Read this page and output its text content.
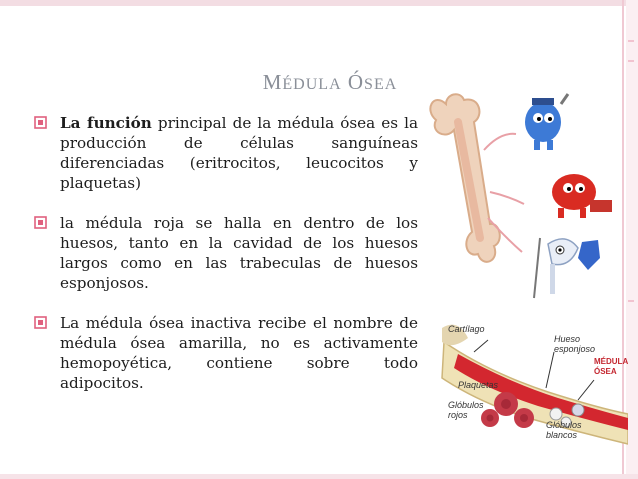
MÉDULA ÓSEA
La función principal de la médula ósea es la producción de células sanguíneas diferenciadas (eritrocitos, leucocitos y plaquetas)
la médula roja se halla en dentro de los huesos, tanto en la cavidad de los huesos largos como en las trabeculas de huesos esponjosos.
La médula ósea inactiva recibe el nombre de médula ósea amarilla, no es activamente hemopoyética, contiene sobre todo adipocitos.
Cartílago
Hueso esponjoso
MÉDULA ÓSEA
Plaquetas
Glóbulos rojos
Glóbulos blancos
